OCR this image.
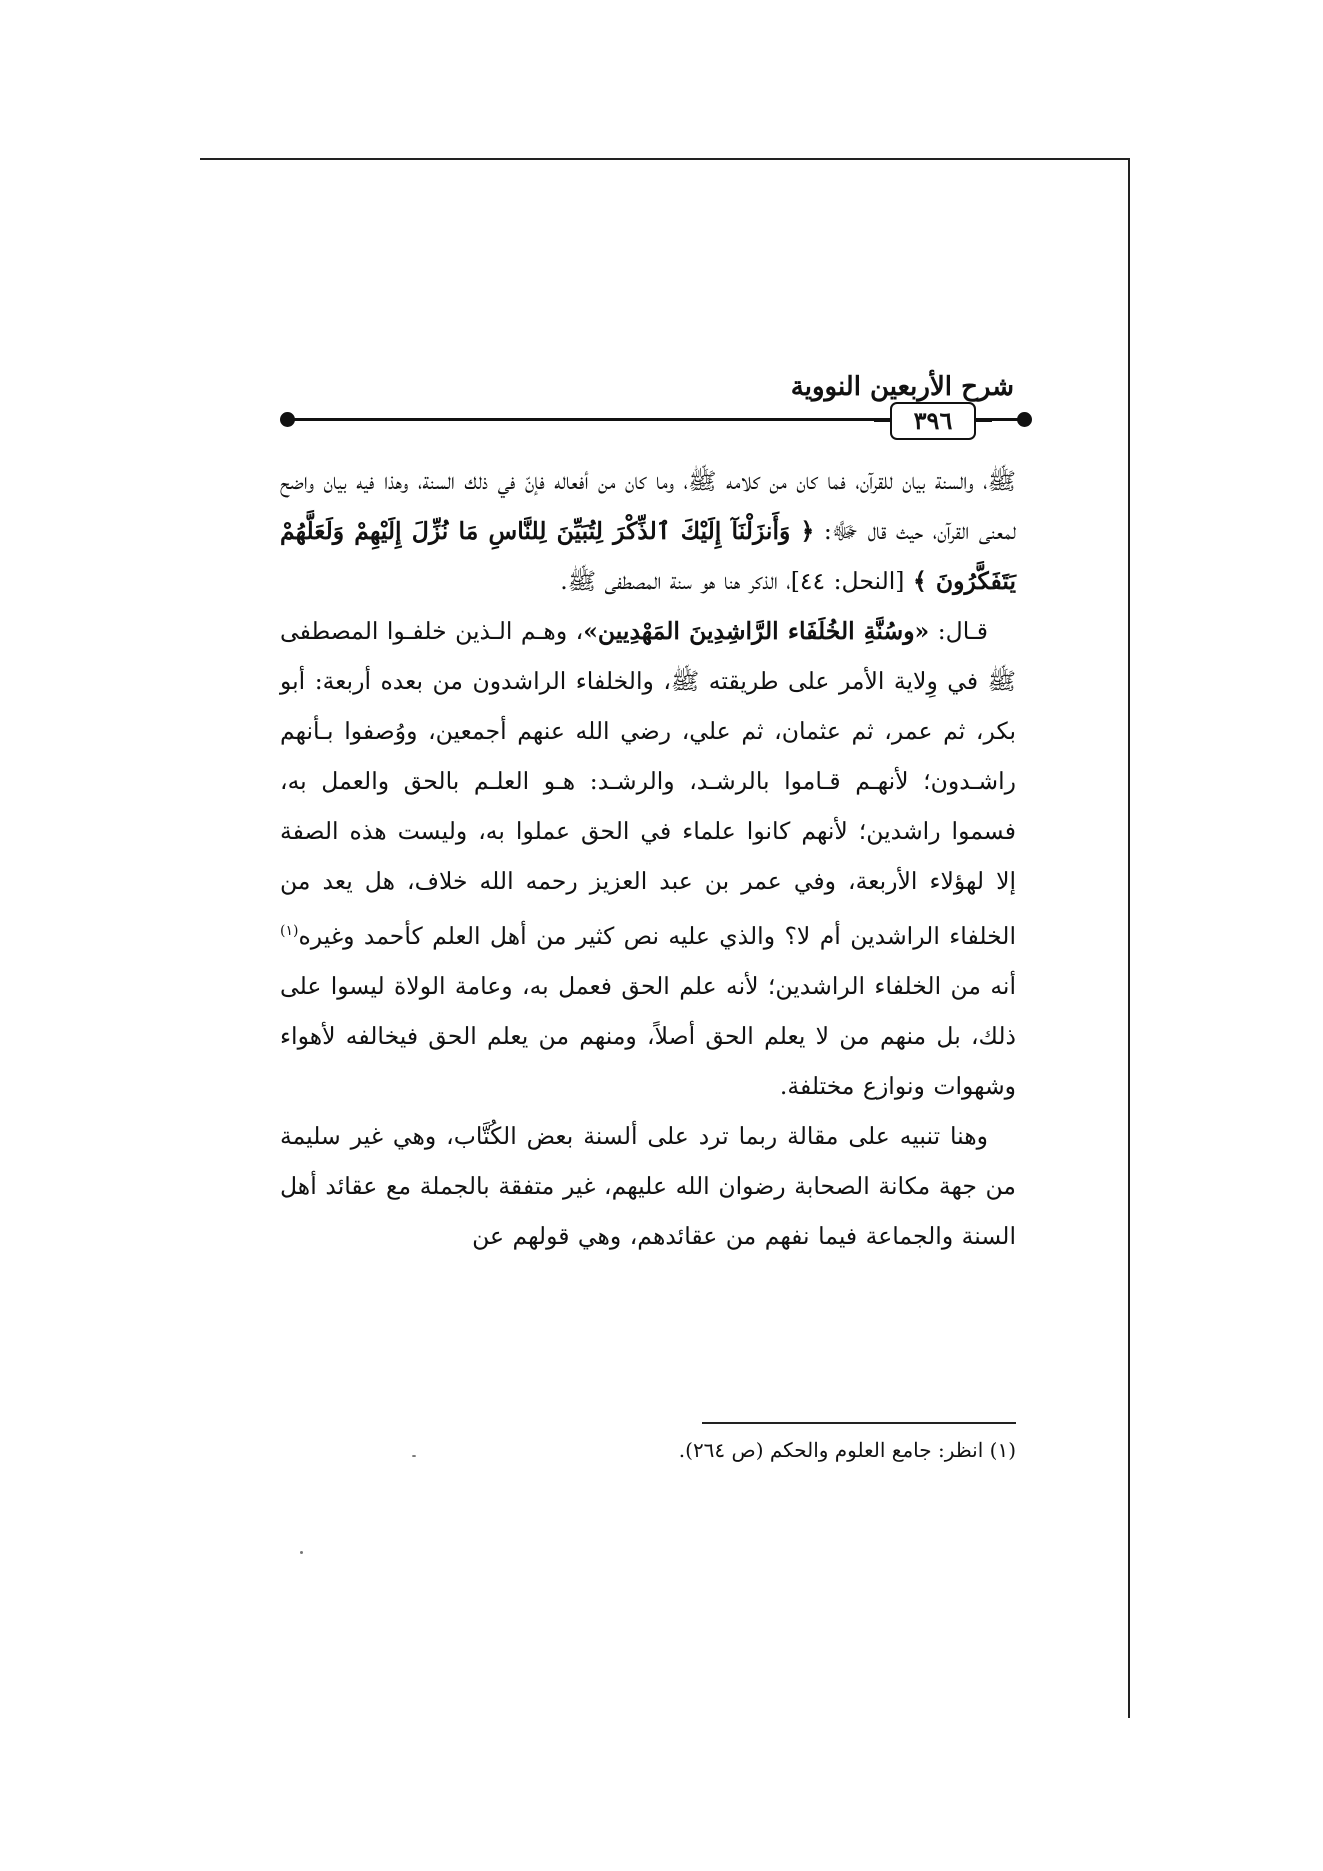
شرح الأربعين النووية
٣٩٦

ﷺ، والسنة بيان للقرآن، فما كان من كلامه ﷺ، وما كان من أفعاله فإنّ في ذلك السنة، وهذا فيه بيان واضح لمعنى القرآن، حيث قال ﷻ: ﴿ وَأَنزَلْنَآ إِلَيْكَ ٱلذِّكْرَ لِتُبَيِّنَ لِلنَّاسِ مَا نُزِّلَ إِلَيْهِمْ وَلَعَلَّهُمْ يَتَفَكَّرُونَ ﴾ [النحل: ٤٤]، الذكر هنا هو سنة المصطفى ﷺ.

قـال: «وسُنَّةِ الخُلَفَاء الرَّاشِدِينَ المَهْدِيين»، وهـم الـذين خلفـوا المصطفى ﷺ في وِلاية الأمر على طريقته ﷺ، والخلفاء الراشدون من بعده أربعة: أبو بكر، ثم عمر، ثم عثمان، ثم علي، رضي الله عنهم أجمعين، ووُصفوا بـأنهم راشـدون؛ لأنهـم قـاموا بالرشـد، والرشـد: هـو العلـم بالحق والعمل به، فسموا راشدين؛ لأنهم كانوا علماء في الحق عملوا به، وليست هذه الصفة إلا لهؤلاء الأربعة، وفي عمر بن عبد العزيز رحمه الله خلاف، هل يعد من الخلفاء الراشدين أم لا؟ والذي عليه نص كثير من أهل العلم كأحمد وغيره$^{(١)}$ أنه من الخلفاء الراشدين؛ لأنه علم الحق فعمل به، وعامة الولاة ليسوا على ذلك، بل منهم من لا يعلم الحق أصلاً، ومنهم من يعلم الحق فيخالفه لأهواء وشهوات ونوازع مختلفة.

وهنا تنبيه على مقالة ربما ترد على ألسنة بعض الكُتَّاب، وهي غير سليمة من جهة مكانة الصحابة رضوان الله عليهم، غير متفقة بالجملة مع عقائد أهل السنة والجماعة فيما نفهم من عقائدهم، وهي قولهم عن

(١) انظر: جامع العلوم والحكم (ص ٢٦٤).
